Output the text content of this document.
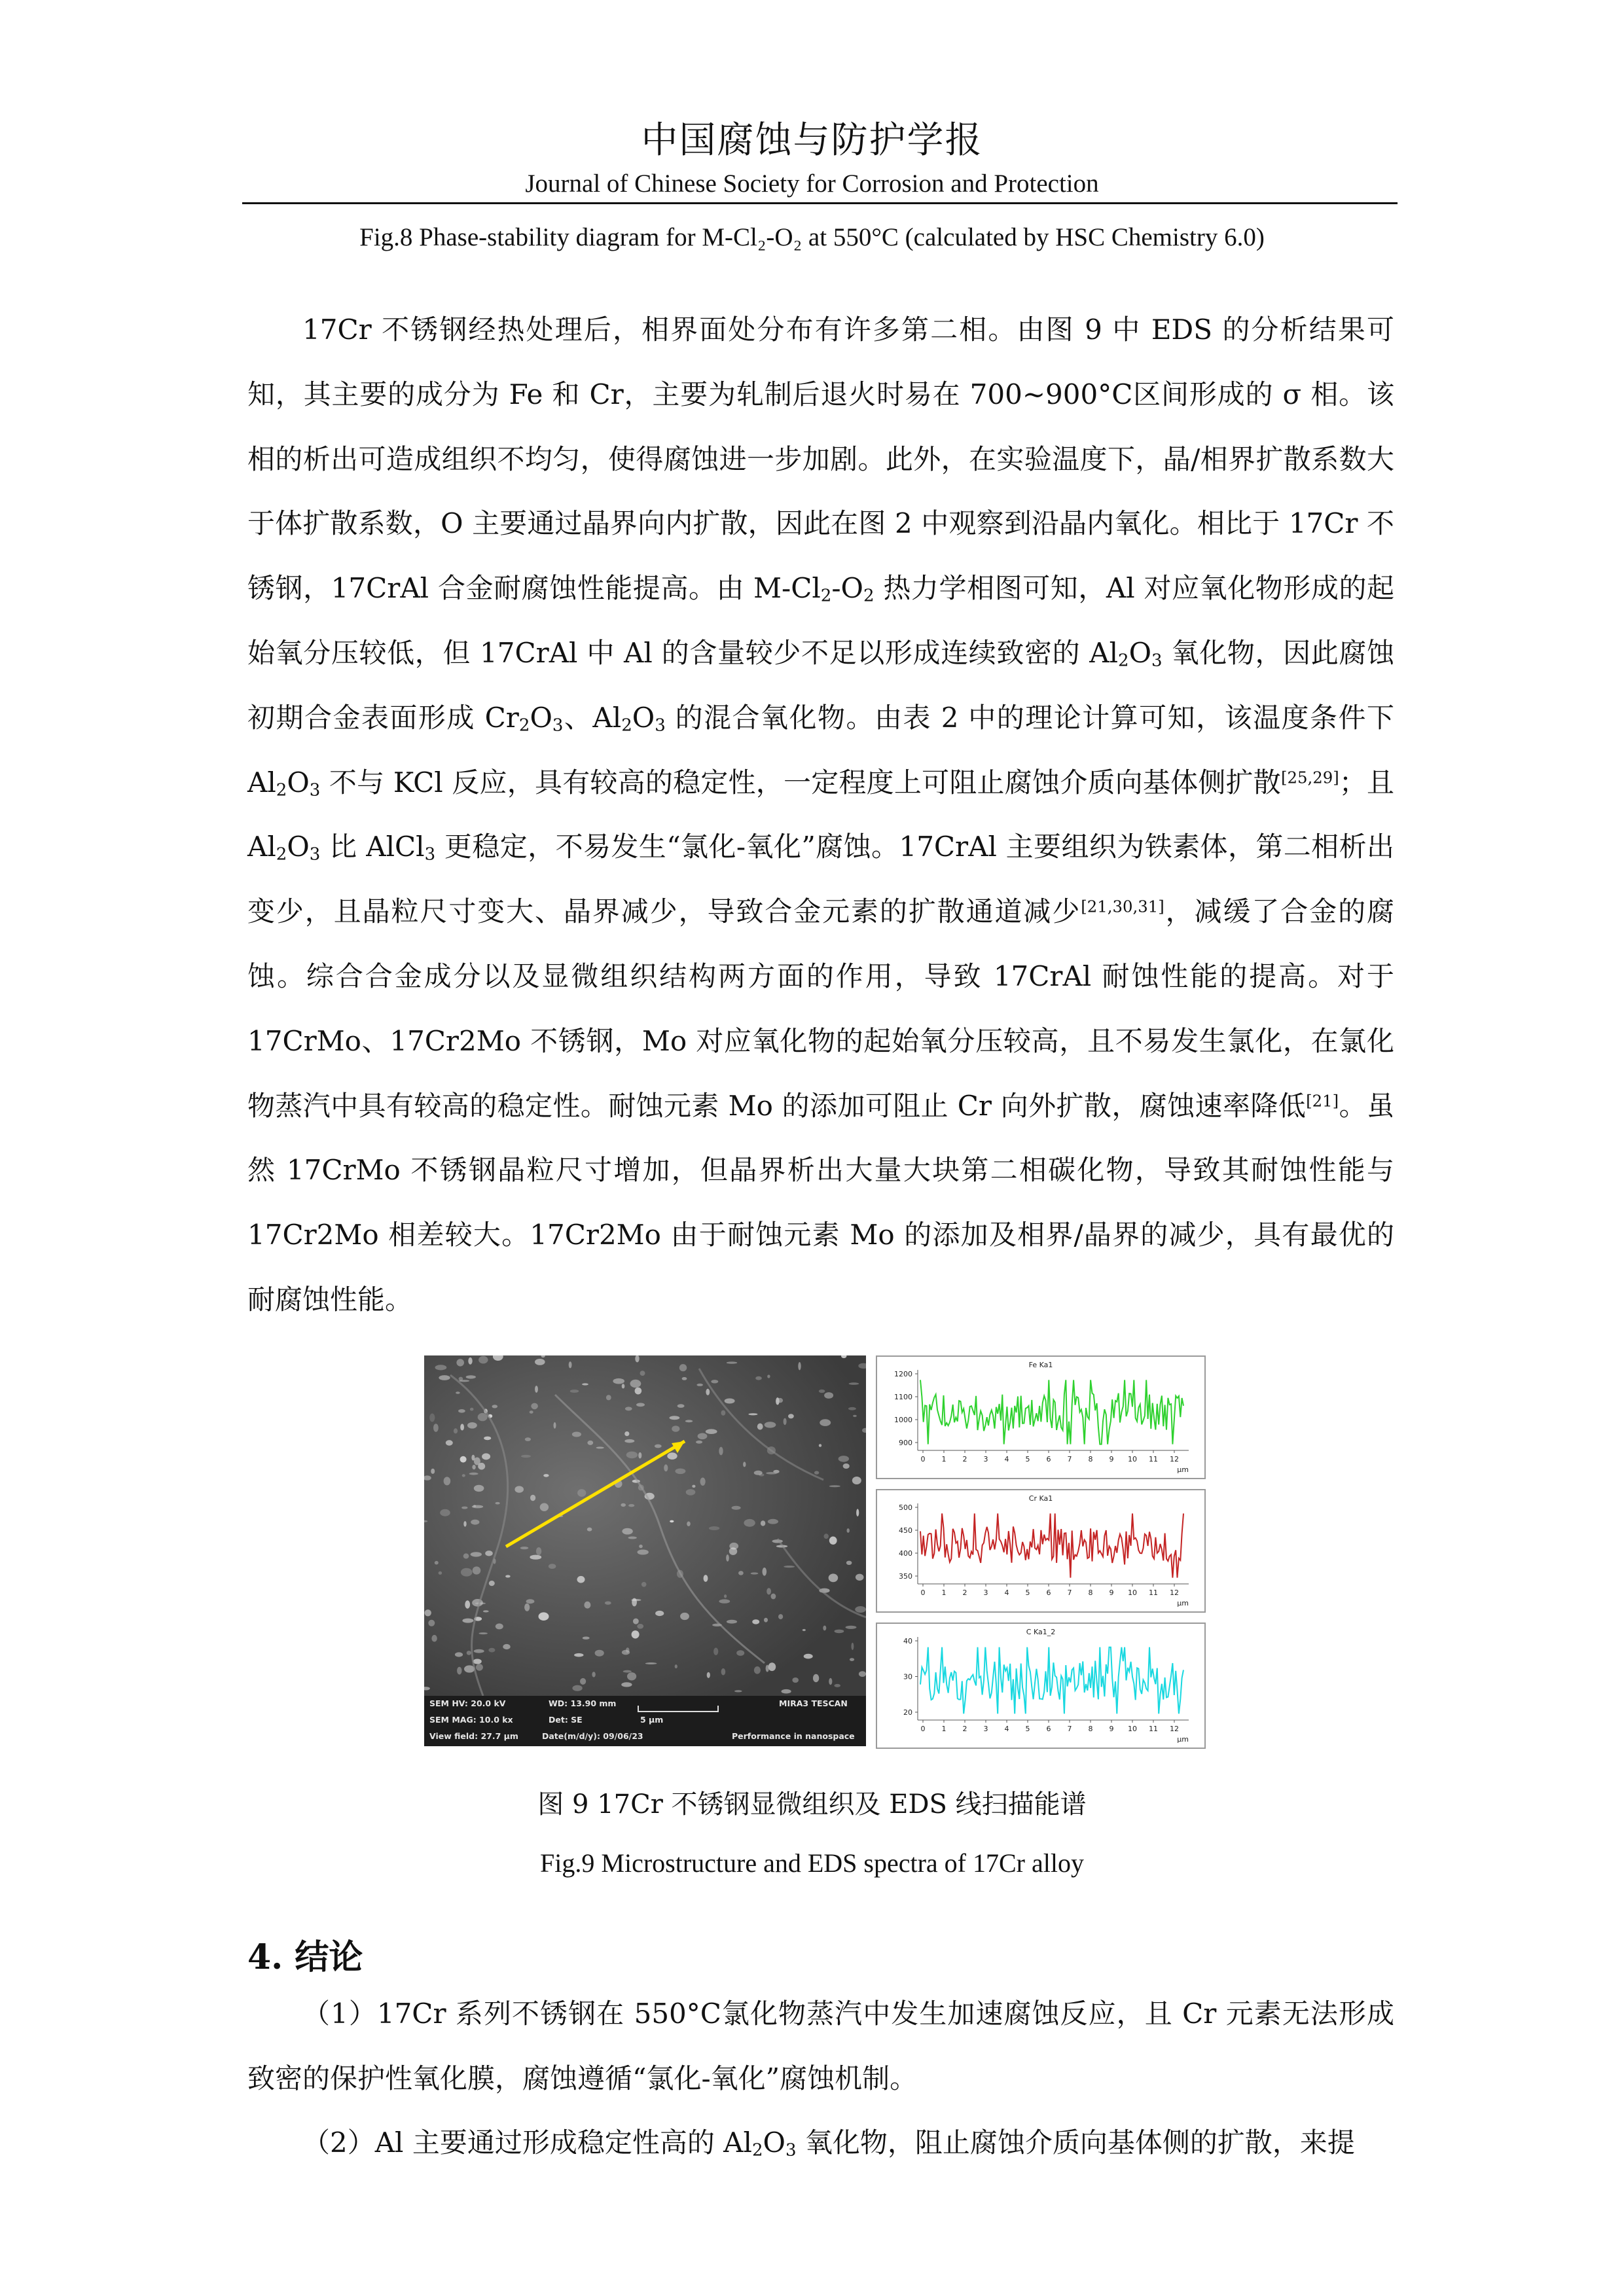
中国腐蚀与防护学报
Journal of Chinese Society for Corrosion and Protection
Fig.8 Phase-stability diagram for M-Cl₂-O₂ at 550°C (calculated by HSC Chemistry 6.0)
17Cr 不锈钢经热处理后，相界面处分布有许多第二相。由图 9 中 EDS 的分析结果可知，其主要的成分为 Fe 和 Cr，主要为轧制后退火时易在 700~900°C区间形成的 σ 相。该相的析出可造成组织不均匀，使得腐蚀进一步加剧。此外，在实验温度下，晶/相界扩散系数大于体扩散系数，O 主要通过晶界向内扩散，因此在图 2 中观察到沿晶内氧化。相比于 17Cr 不锈钢，17CrAl 合金耐腐蚀性能提高。由 $M-Cl_2-O_2$ 热力学相图可知，Al 对应氧化物形成的起始氧分压较低，但 17CrAl 中 Al 的含量较少不足以形成连续致密的 $Al_2O_3$ 氧化物，因此腐蚀初期合金表面形成 $Cr_2O_3$、$Al_2O_3$ 的混合氧化物。由表 2 中的理论计算可知，该温度条件下 $Al_2O_3$ 不与 KCl 反应，具有较高的稳定性，一定程度上可阻止腐蚀介质向基体侧扩散[25,29]；且 $Al_2O_3$ 比 AlCl$_3$ 更稳定，不易发生“氯化-氧化”腐蚀。17CrAl 主要组织为铁素体，第二相析出变少，且晶粒尺寸变大、晶界减少，导致合金元素的扩散通道减少[21,30,31]，减缓了合金的腐蚀。综合合金成分以及显微组织结构两方面的作用，导致 17CrAl 耐蚀性能的提高。对于 17CrMo、17Cr2Mo 不锈钢，Mo 对应氧化物的起始氧分压较高，且不易发生氯化，在氯化物蒸汽中具有较高的稳定性。耐蚀元素 Mo 的添加可阻止 Cr 向外扩散，腐蚀速率降低[21]。虽然 17CrMo 不锈钢晶粒尺寸增加，但晶界析出大量大块第二相碳化物，导致其耐蚀性能与 17Cr2Mo 相差较大。17Cr2Mo 由于耐蚀元素 Mo 的添加及相界/晶界的减少，具有最优的耐腐蚀性能。
SEM HV: 20.0 kV	WD: 13.90 mm
SEM MAG: 10.0 kx	Det: SE	5 μm
View field: 27.7 μm	Date(m/d/y): 09/06/23
MIRA3 TESCAN
Performance in nanospace
Fe Ka1
1200
1100
1000
900
0 1 2 3 4 5 6 7 8 9 10 11 12
μm
Cr Ka1
500
450
400
350
0 1 2 3 4 5 6 7 8 9 10 11 12
μm
C Ka1_2
40
30
20
0 1 2 3 4 5 6 7 8 9 10 11 12
μm
图 9 17Cr 不锈钢显微组织及 EDS 线扫描能谱
Fig.9 Microstructure and EDS spectra of 17Cr alloy
4. 结论
（1）17Cr 系列不锈钢在 550°C氯化物蒸汽中发生加速腐蚀反应，且 Cr 元素无法形成致密的保护性氧化膜，腐蚀遵循“氯化-氧化”腐蚀机制。
（2）Al 主要通过形成稳定性高的 $Al_2O_3$ 氧化物，阻止腐蚀介质向基体侧的扩散，来提
